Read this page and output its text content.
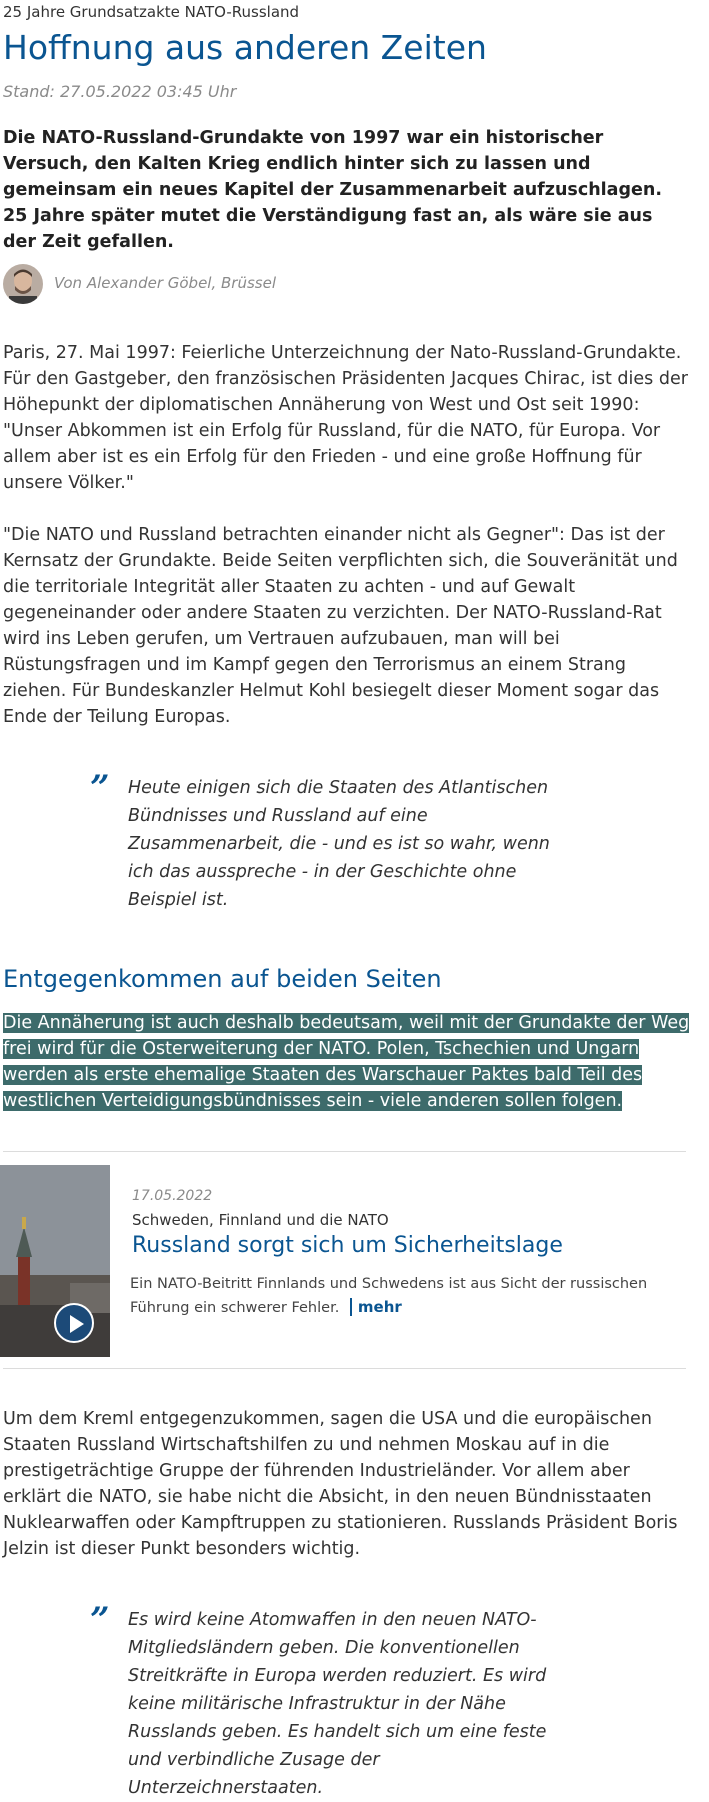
25 Jahre Grundsatzakte NATO-Russland
Hoffnung aus anderen Zeiten
Stand: 27.05.2022 03:45 Uhr

Die NATO-Russland-Grundakte von 1997 war ein historischer Versuch, den Kalten Krieg endlich hinter sich zu lassen und gemeinsam ein neues Kapitel der Zusammenarbeit aufzuschlagen. 25 Jahre später mutet die Verständigung fast an, als wäre sie aus der Zeit gefallen.

Von Alexander Göbel, Brüssel

Paris, 27. Mai 1997: Feierliche Unterzeichnung der Nato-Russland-Grundakte. Für den Gastgeber, den französischen Präsidenten Jacques Chirac, ist dies der Höhepunkt der diplomatischen Annäherung von West und Ost seit 1990: "Unser Abkommen ist ein Erfolg für Russland, für die NATO, für Europa. Vor allem aber ist es ein Erfolg für den Frieden - und eine große Hoffnung für unsere Völker."

"Die NATO und Russland betrachten einander nicht als Gegner": Das ist der Kernsatz der Grundakte. Beide Seiten verpflichten sich, die Souveränität und die territoriale Integrität aller Staaten zu achten - und auf Gewalt gegeneinander oder andere Staaten zu verzichten. Der NATO-Russland-Rat wird ins Leben gerufen, um Vertrauen aufzubauen, man will bei Rüstungsfragen und im Kampf gegen den Terrorismus an einem Strang ziehen. Für Bundeskanzler Helmut Kohl besiegelt dieser Moment sogar das Ende der Teilung Europas.

” Heute einigen sich die Staaten des Atlantischen Bündnisses und Russland auf eine Zusammenarbeit, die - und es ist so wahr, wenn ich das ausspreche - in der Geschichte ohne Beispiel ist.

Entgegenkommen auf beiden Seiten

Die Annäherung ist auch deshalb bedeutsam, weil mit der Grundakte der Weg frei wird für die Osterweiterung der NATO. Polen, Tschechien und Ungarn werden als erste ehemalige Staaten des Warschauer Paktes bald Teil des westlichen Verteidigungsbündnisses sein - viele anderen sollen folgen.

17.05.2022
Schweden, Finnland und die NATO
Russland sorgt sich um Sicherheitslage

Ein NATO-Beitritt Finnlands und Schwedens ist aus Sicht der russischen Führung ein schwerer Fehler. mehr

Um dem Kreml entgegenzukommen, sagen die USA und die europäischen Staaten Russland Wirtschaftshilfen zu und nehmen Moskau auf in die prestigeträchtige Gruppe der führenden Industrieländer. Vor allem aber erklärt die NATO, sie habe nicht die Absicht, in den neuen Bündnisstaaten Nuklearwaffen oder Kampftruppen zu stationieren. Russlands Präsident Boris Jelzin ist dieser Punkt besonders wichtig.

” Es wird keine Atomwaffen in den neuen NATO-Mitgliedsländern geben. Die konventionellen Streitkräfte in Europa werden reduziert. Es wird keine militärische Infrastruktur in der Nähe Russlands geben. Es handelt sich um eine feste und verbindliche Zusage der Unterzeichnerstaaten.
